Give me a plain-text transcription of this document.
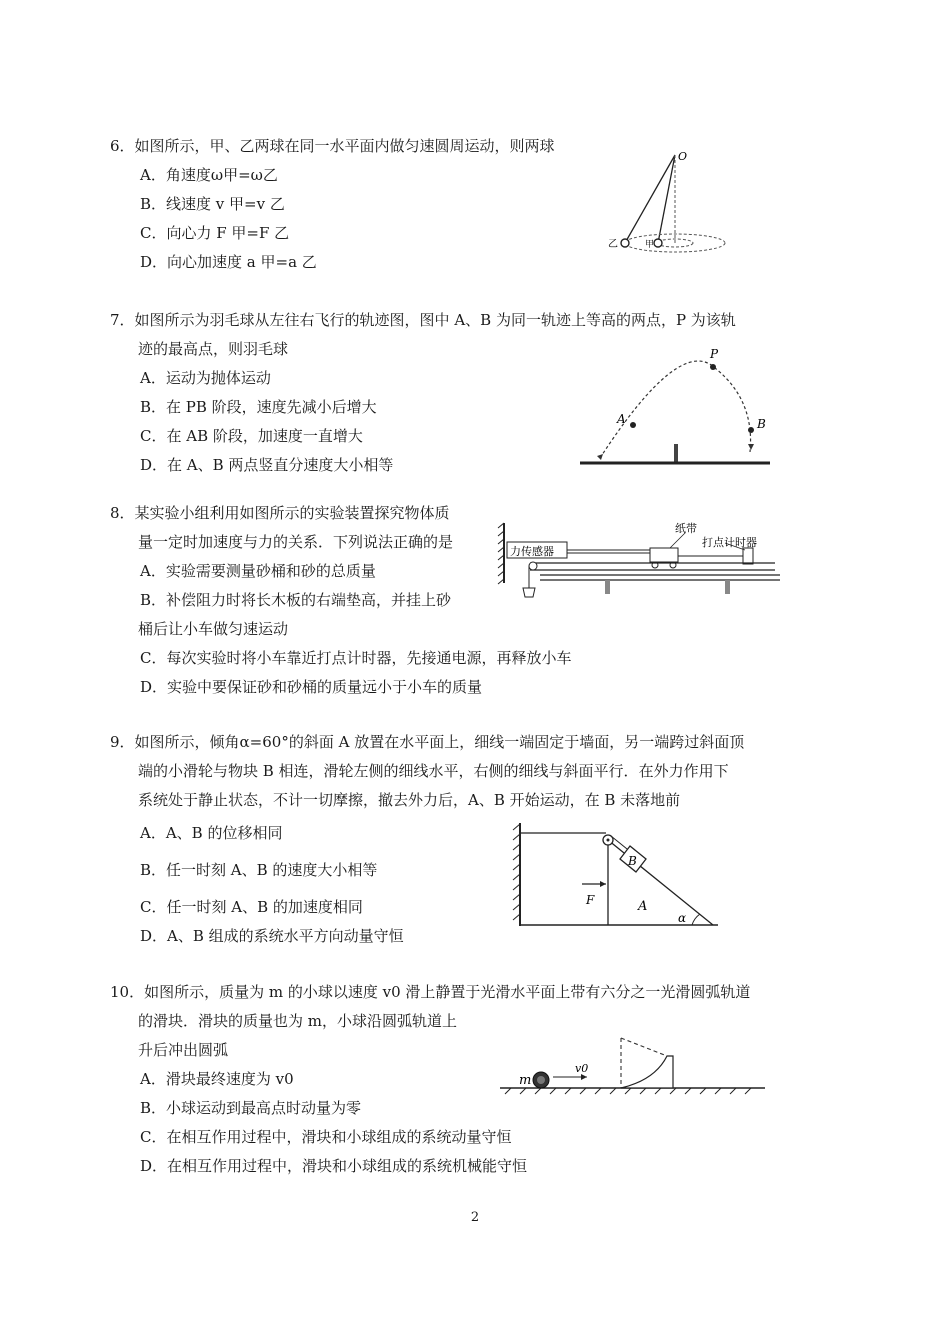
6．如图所示，甲、乙两球在同一水平面内做匀速圆周运动，则两球
A．角速度ω甲=ω乙
B．线速度 v 甲=v 乙
C．向心力 F 甲=F 乙
D．向心加速度 a 甲=a 乙
O
乙	甲
7．如图所示为羽毛球从左往右飞行的轨迹图，图中 A、B 为同一轨迹上等高的两点，P 为该轨
迹的最高点，则羽毛球
A．运动为抛体运动
B．在 PB 阶段，速度先减小后增大
C．在 AB 阶段，加速度一直增大
D．在 A、B 两点竖直分速度大小相等
P
A	B
8．某实验小组利用如图所示的实验装置探究物体质
量一定时加速度与力的关系．下列说法正确的是
A．实验需要测量砂桶和砂的总质量
B．补偿阻力时将长木板的右端垫高，并挂上砂
桶后让小车做匀速运动
C．每次实验时将小车靠近打点计时器，先接通电源，再释放小车
D．实验中要保证砂和砂桶的质量远小于小车的质量
力传感器
纸带
打点计时器
9．如图所示，倾角α=60°的斜面 A 放置在水平面上，细线一端固定于墙面，另一端跨过斜面顶
端的小滑轮与物块 B 相连，滑轮左侧的细线水平，右侧的细线与斜面平行．在外力作用下
系统处于静止状态，不计一切摩擦，撤去外力后，A、B 开始运动，在 B 未落地前
A．A、B 的位移相同
B．任一时刻 A、B 的速度大小相等
C．任一时刻 A、B 的加速度相同
D．A、B 组成的系统水平方向动量守恒
B
F	A
α
10．如图所示，质量为 m 的小球以速度 v0 滑上静置于光滑水平面上带有六分之一光滑圆弧轨道
的滑块．滑块的质量也为 m，小球沿圆弧轨道上
升后冲出圆弧
A．滑块最终速度为 v0
B．小球运动到最高点时动量为零
C．在相互作用过程中，滑块和小球组成的系统动量守恒
D．在相互作用过程中，滑块和小球组成的系统机械能守恒
m
v0
2
